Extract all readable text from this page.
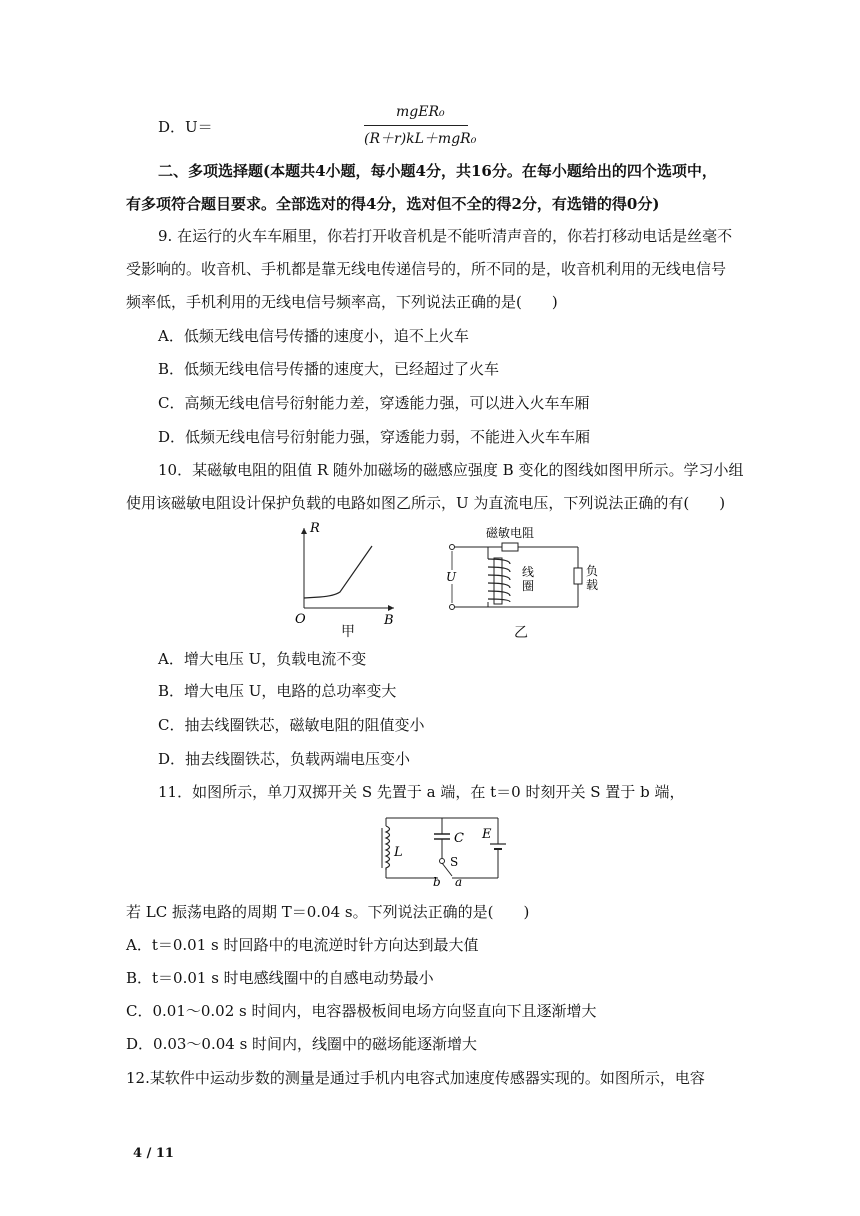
D．U＝
mgER₀
(R＋r)kL＋mgR₀
二、多项选择题(本题共4小题，每小题4分，共16分。在每小题给出的四个选项中，
有多项符合题目要求。全部选对的得4分，选对但不全的得2分，有选错的得0分)
9. 在运行的火车车厢里，你若打开收音机是不能听清声音的，你若打移动电话是丝毫不
受影响的。收音机、手机都是靠无线电传递信号的，所不同的是，收音机利用的无线电信号
频率低，手机利用的无线电信号频率高，下列说法正确的是(　　)
A．低频无线电信号传播的速度小，追不上火车
B．低频无线电信号传播的速度大，已经超过了火车
C．高频无线电信号衍射能力差，穿透能力强，可以进入火车车厢
D．低频无线电信号衍射能力强，穿透能力弱，不能进入火车车厢
10．某磁敏电阻的阻值 R 随外加磁场的磁感应强度 B 变化的图线如图甲所示。学习小组
使用该磁敏电阻设计保护负载的电路如图乙所示，U 为直流电压，下列说法正确的有(　　)
R
B
O
甲
U
磁敏电阻
负
载
线
圈
乙
A．增大电压 U，负载电流不变
B．增大电压 U，电路的总功率变大
C．抽去线圈铁芯，磁敏电阻的阻值变小
D．抽去线圈铁芯，负载两端电压变小
11．如图所示，单刀双掷开关 S 先置于 a 端，在 t＝0 时刻开关 S 置于 b 端，
L
C
S
b a
E
若 LC 振荡电路的周期 T＝0.04 s。下列说法正确的是(　　)
A．t＝0.01 s 时回路中的电流逆时针方向达到最大值
B．t＝0.01 s 时电感线圈中的自感电动势最小
C．0.01～0.02 s 时间内，电容器极板间电场方向竖直向下且逐渐增大
D．0.03～0.04 s 时间内，线圈中的磁场能逐渐增大
12.某软件中运动步数的测量是通过手机内电容式加速度传感器实现的。如图所示，电容
4 / 11
